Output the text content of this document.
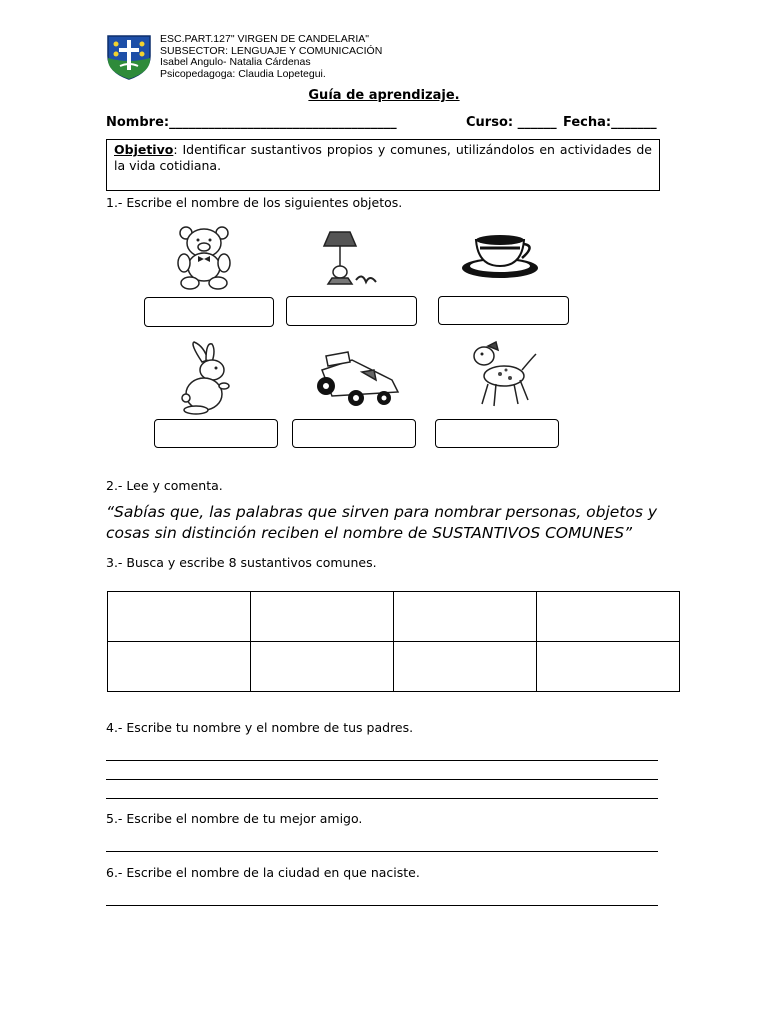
ESC.PART.127" VIRGEN DE CANDELARIA"
SUBSECTOR: LENGUAJE Y COMUNICACIÓN
Isabel Angulo- Natalia Cárdenas
Psicopedagoga: Claudia Lopetegui.
Guía de aprendizaje.
Nombre:___________________________________	Curso: ______ Fecha:_______
Objetivo: Identificar sustantivos propios y comunes, utilizándolos en actividades de la vida cotidiana.
1.- Escribe el nombre de los siguientes objetos.
2.- Lee y comenta.
“Sabías que, las palabras que sirven para nombrar personas, objetos y cosas sin distinción reciben el nombre de SUSTANTIVOS COMUNES”
3.- Busca y escribe 8 sustantivos comunes.

4.- Escribe tu nombre y el nombre de tus padres.
5.- Escribe el nombre de tu mejor amigo.
6.- Escribe el nombre de la ciudad en que naciste.
